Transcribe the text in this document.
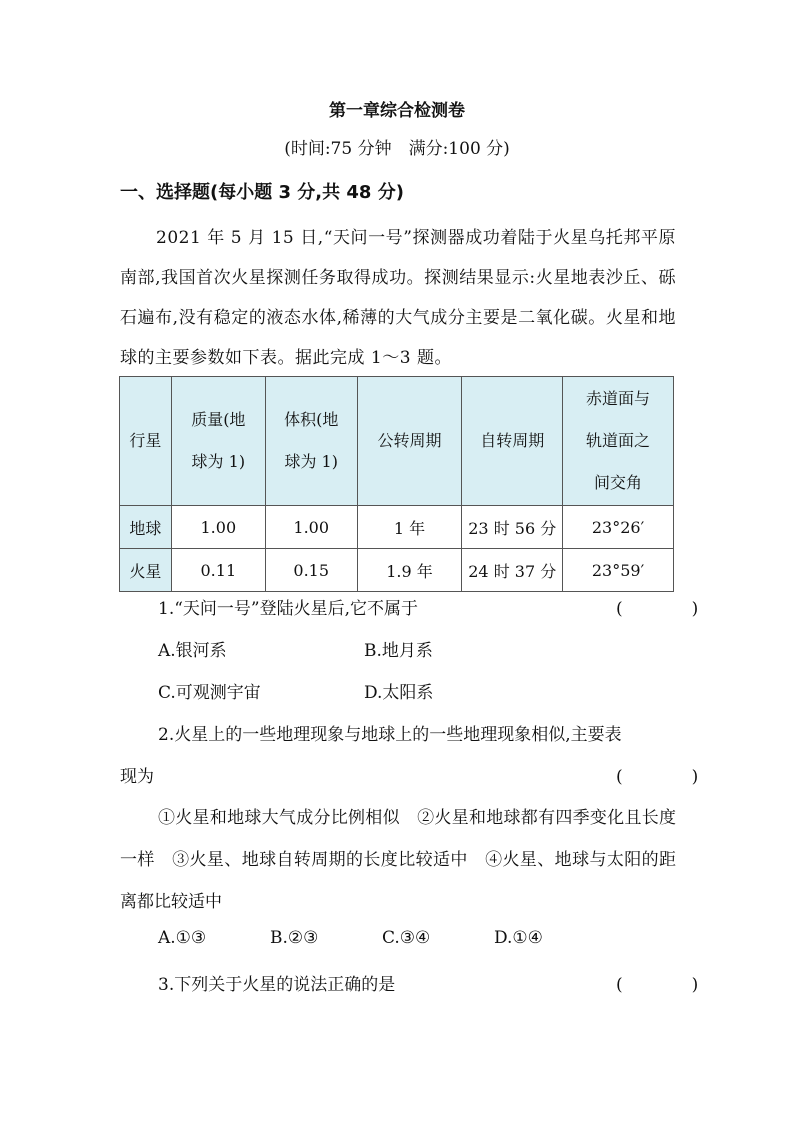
第一章综合检测卷
(时间:75 分钟　满分:100 分)
一、选择题(每小题 3 分,共 48 分)
2021 年 5 月 15 日,“天问一号”探测器成功着陆于火星乌托邦平原南部,我国首次火星探测任务取得成功。探测结果显示:火星地表沙丘、砾石遍布,没有稳定的液态水体,稀薄的大气成分主要是二氧化碳。火星和地球的主要参数如下表。据此完成 1～3 题。
行星	质量(地球为 1)	体积(地球为 1)	公转周期	自转周期	赤道面与轨道面之间交角

地球	1.00	1.00	1 年	23 时 56 分	23°26′
火星	0.11	0.15	1.9 年	24 时 37 分	23°59′
1.“天问一号”登陆火星后,它不属于	(　)
A.银河系	B.地月系
C.可观测宇宙	D.太阳系
2.火星上的一些地理现象与地球上的一些地理现象相似,主要表
现为	(　)
①火星和地球大气成分比例相似　②火星和地球都有四季变化且长度一样　③火星、地球自转周期的长度比较适中　④火星、地球与太阳的距离都比较适中
A.①③	B.②③	C.③④	D.①④
3.下列关于火星的说法正确的是	(　)
